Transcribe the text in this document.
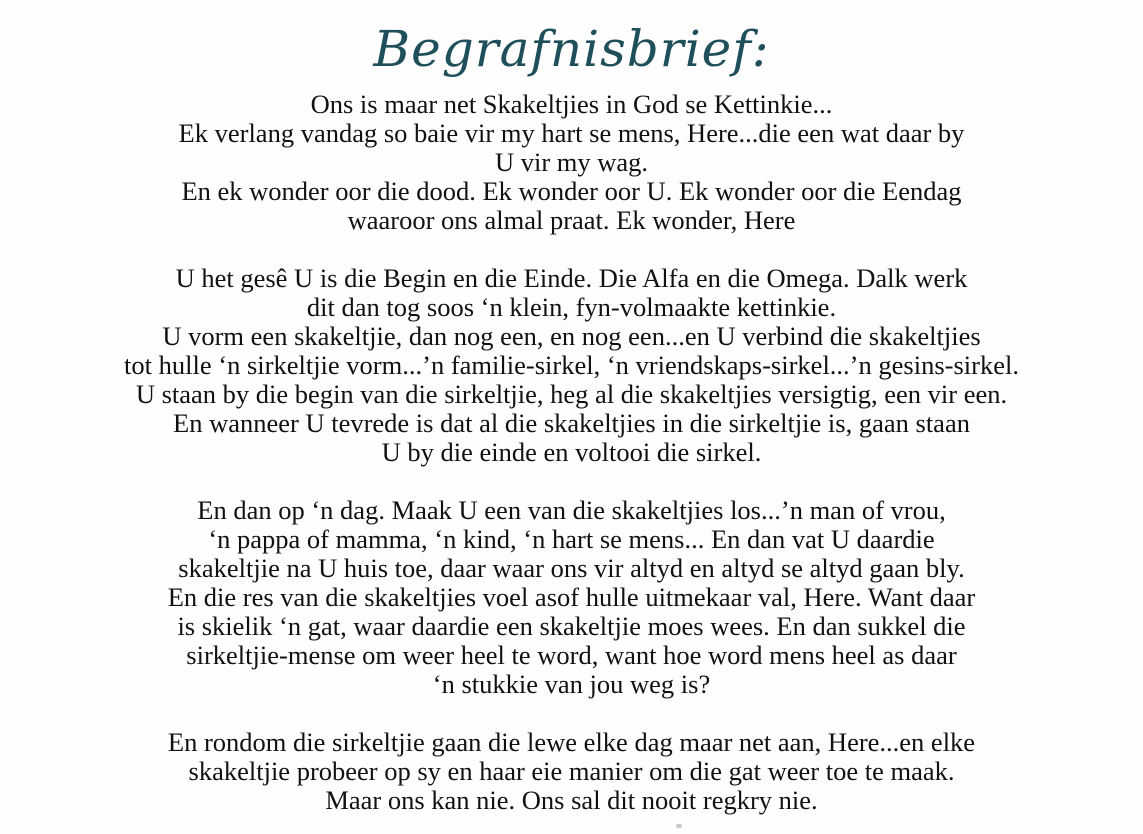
Begrafnisbrief:
Ons is maar net Skakeltjies in God se Kettinkie...
Ek verlang vandag so baie vir my hart se mens, Here...die een wat daar by
U vir my wag.
En ek wonder oor die dood. Ek wonder oor U. Ek wonder oor die Eendag
waaroor ons almal praat. Ek wonder, Here
U het gesê U is die Begin en die Einde. Die Alfa en die Omega. Dalk werk
dit dan tog soos ‘n klein, fyn-volmaakte kettinkie.
U vorm een skakeltjie, dan nog een, en nog een...en U verbind die skakeltjies
tot hulle ‘n sirkeltjie vorm...’n familie-sirkel, ‘n vriendskaps-sirkel...’n gesins-sirkel.
U staan by die begin van die sirkeltjie, heg al die skakeltjies versigtig, een vir een.
En wanneer U tevrede is dat al die skakeltjies in die sirkeltjie is, gaan staan
U by die einde en voltooi die sirkel.
En dan op ‘n dag. Maak U een van die skakeltjies los...’n man of vrou,
‘n pappa of mamma, ‘n kind, ‘n hart se mens... En dan vat U daardie
skakeltjie na U huis toe, daar waar ons vir altyd en altyd se altyd gaan bly.
En die res van die skakeltjies voel asof hulle uitmekaar val, Here. Want daar
is skielik ‘n gat, waar daardie een skakeltjie moes wees. En dan sukkel die
sirkeltjie-mense om weer heel te word, want hoe word mens heel as daar
‘n stukkie van jou weg is?
En rondom die sirkeltjie gaan die lewe elke dag maar net aan, Here...en elke
skakeltjie probeer op sy en haar eie manier om die gat weer toe te maak.
Maar ons kan nie. Ons sal dit nooit regkry nie.
